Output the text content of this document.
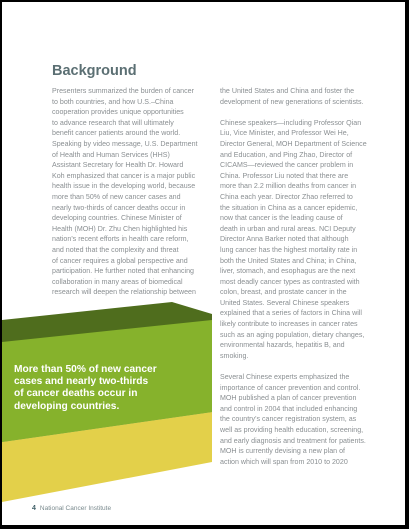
Background

Presenters summarized the burden of cancer
to both countries, and how U.S.–China
cooperation provides unique opportunities
to advance research that will ultimately
benefit cancer patients around the world.
Speaking by video message, U.S. Department
of Health and Human Services (HHS)
Assistant Secretary for Health Dr. Howard
Koh emphasized that cancer is a major public
health issue in the developing world, because
more than 50% of new cancer cases and
nearly two-thirds of cancer deaths occur in
developing countries. Chinese Minister of
Health (MOH) Dr. Zhu Chen highlighted his
nation's recent efforts in health care reform,
and noted that the complexity and threat
of cancer requires a global perspective and
participation. He further noted that enhancing
collaboration in many areas of biomedical
research will deepen the relationship between

the United States and China and foster the
development of new generations of scientists.

Chinese speakers—including Professor Qian
Liu, Vice Minister, and Professor Wei He,
Director General, MOH Department of Science
and Education, and Ping Zhao, Director of
CICAMS—reviewed the cancer problem in
China. Professor Liu noted that there are
more than 2.2 million deaths from cancer in
China each year. Director Zhao referred to
the situation in China as a cancer epidemic,
now that cancer is the leading cause of
death in urban and rural areas. NCI Deputy
Director Anna Barker noted that although
lung cancer has the highest mortality rate in
both the United States and China; in China,
liver, stomach, and esophagus are the next
most deadly cancer types as contrasted with
colon, breast, and prostate cancer in the
United States. Several Chinese speakers
explained that a series of factors in China will
likely contribute to increases in cancer rates
such as an aging population, dietary changes,
environmental hazards, hepatitis B, and
smoking.

Several Chinese experts emphasized the
importance of cancer prevention and control.
MOH published a plan of cancer prevention
and control in 2004 that included enhancing
the country's cancer registration system, as
well as providing health education, screening,
and early diagnosis and treatment for patients.
MOH is currently devising a new plan of
action which will span from 2010 to 2020

More than 50% of new cancer
cases and nearly two-thirds
of cancer deaths occur in
developing countries.

4 National Cancer Institute
